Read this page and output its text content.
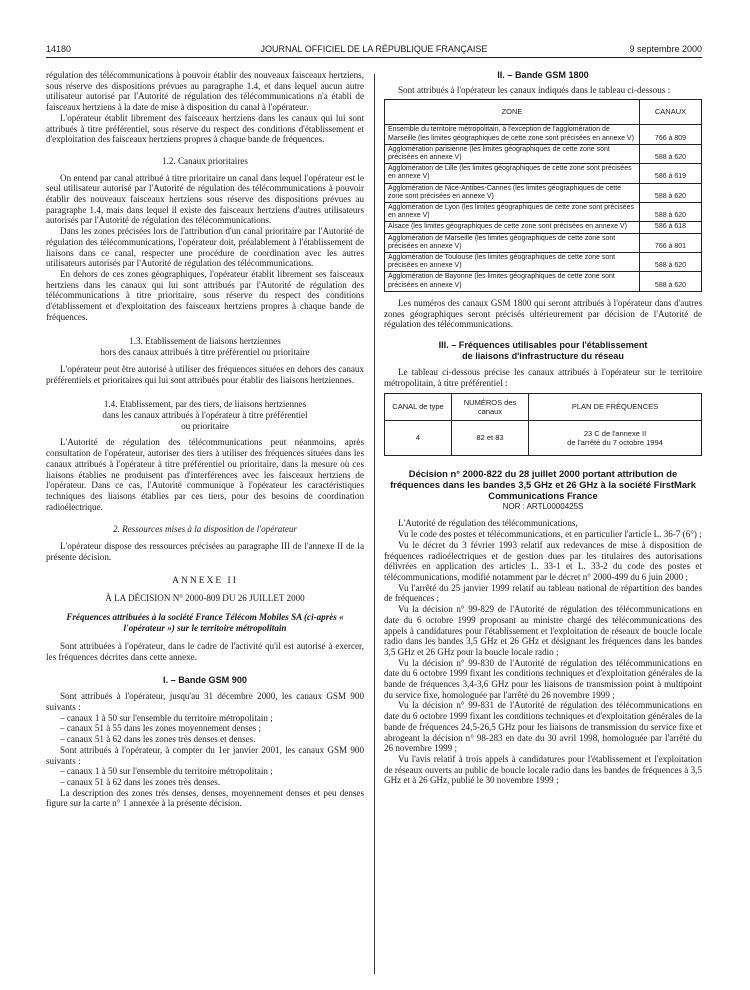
14180	JOURNAL OFFICIEL DE LA RÉPUBLIQUE FRANÇAISE	9 septembre 2000

régulation des télécommunications à pouvoir établir des nouveaux faisceaux hertziens, sous réserve des dispositions prévues au paragraphe 1.4, et dans lequel aucun autre utilisateur autorisé par l'Autorité de régulation des télécommunications n'a établi de faisceaux hertziens à la date de mise à disposition du canal à l'opérateur.

L'opérateur établit librement des faisceaux hertziens dans les canaux qui lui sont attribués à titre préférentiel, sous réserve du respect des conditions d'établissement et d'exploitation des faisceaux hertziens propres à chaque bande de fréquences.

1.2. Canaux prioritaires

On entend par canal attribué à titre prioritaire un canal dans lequel l'opérateur est le seul utilisateur autorisé par l'Autorité de régulation des télécommunications à pouvoir établir des nouveaux faisceaux hertziens sous réserve des dispositions prévues au paragraphe 1.4, mais dans lequel il existe des faisceaux hertziens d'autres utilisateurs autorisés par l'Autorité de régulation des télécommunications.

Dans les zones précisées lors de l'attribution d'un canal prioritaire par l'Autorité de régulation des télécommunications, l'opérateur doit, préalablement à l'établissement de liaisons dans ce canal, respecter une procédure de coordination avec les autres utilisateurs autorisés par l'Autorité de régulation des télécommunications.

En dehors de ces zones géographiques, l'opérateur établit librement ses faisceaux hertziens dans les canaux qui lui sont attribués par l'Autorité de régulation des télécommunications à titre prioritaire, sous réserve du respect des conditions d'établissement et d'exploitation des faisceaux hertziens propres à chaque bande de fréquences.

1.3. Etablissement de liaisons hertziennes
hors des canaux attribués à titre préférentiel ou prioritaire

L'opérateur peut être autorisé à utiliser des fréquences situées en dehors des canaux préférentiels et prioritaires qui lui sont attribués pour établir des liaisons hertziennes.

1.4. Etablissement, par des tiers, de liaisons hertziennes
dans les canaux attribués à l'opérateur à titre préférentiel
ou prioritaire

L'Autorité de régulation des télécommunications peut néanmoins, après consultation de l'opérateur, autoriser des tiers à utiliser des fréquences situées dans les canaux attribués à l'opérateur à titre préférentiel ou prioritaire, dans la mesure où ces liaisons établies ne produisent pas d'interférences avec les faisceaux hertziens de l'opérateur. Dans ce cas, l'Autorité communique à l'opérateur les caractéristiques techniques des liaisons établies par ces tiers, pour des besoins de coordination radioélectrique.

2. Ressources mises à la disposition de l'opérateur

L'opérateur dispose des ressources précisées au paragraphe III de l'annexe II de la présente décision.

ANNEXE II
À LA DÉCISION N° 2000-809 DU 26 JUILLET 2000
Fréquences attribuées à la société France Télécom Mobiles SA (ci-après « l'opérateur ») sur le territoire métropolitain

Sont attribuées à l'opérateur, dans le cadre de l'activité qu'il est autorisé à exercer, les fréquences décrites dans cette annexe.

I. – Bande GSM 900

Sont attribués à l'opérateur, jusqu'au 31 décembre 2000, les canaux GSM 900 suivants :

– canaux 1 à 50 sur l'ensemble du territoire métropolitain ;
– canaux 51 à 55 dans les zones moyennement denses ;
– canaux 51 à 62 dans les zones très denses et denses.

Sont attribués à l'opérateur, à compter du 1er janvier 2001, les canaux GSM 900 suivants :

– canaux 1 à 50 sur l'ensemble du territoire métropolitain ;
– canaux 51 à 62 dans les zones très denses.

La description des zones très denses, denses, moyennement denses et peu denses figure sur la carte n° 1 annexée à la présente décision.

II. – Bande GSM 1800

Sont attribués à l'opérateur les canaux indiqués dans le tableau ci-dessous :

ZONE	CANAUX
Ensemble du territoire métropolitain, à l'exception de l'agglomération de Marseille (les limites géographiques de cette zone sont précisées en annexe V)	766 à 809
Agglomération parisienne (les limites géographiques de cette zone sont précisées en annexe V)	588 à 620
Agglomération de Lille (les limites géographiques de cette zone sont précisées en annexe V)	586 à 619
Agglomération de Nice-Antibes-Cannes (les limites géographiques de cette zone sont précisées en annexe V)	588 à 620
Agglomération de Lyon (les limites géographiques de cette zone sont précisées en annexe V)	588 à 620
Alsace (les limites géographiques de cette zone sont précisées en annexe V)	586 à 618
Agglomération de Marseille (les limites géographiques de cette zone sont précisées en annexe V)	766 à 801
Agglomération de Toulouse (les limites géographiques de cette zone sont précisées en annexe V)	588 à 620
Agglomération de Bayonne (les limites géographiques de cette zone sont précisées en annexe V)	588 à 620

Les numéros des canaux GSM 1800 qui seront attribués à l'opérateur dans d'autres zones géographiques seront précisés ultérieurement par décision de l'Autorité de régulation des télécommunications.

III. – Fréquences utilisables pour l'établissement
de liaisons d'infrastructure du réseau

Le tableau ci-dessous précise les canaux attribués à l'opérateur sur le territoire métropolitain, à titre préférentiel :

CANAL de type	NUMÉROS des canaux	PLAN DE FRÉQUENCES
4	82 et 83	23 C de l'annexe II
de l'arrêté du 7 octobre 1994
Décision n° 2000-822 du 28 juillet 2000 portant attribution de fréquences dans les bandes 3,5 GHz et 26 GHz à la société FirstMark Communications France
NOR : ARTL0000425S

L'Autorité de régulation des télécommunications,

Vu le code des postes et télécommunications, et en particulier l'article L. 36-7 (6°) ;

Vu le décret du 3 février 1993 relatif aux redevances de mise à disposition de fréquences radioélectriques et de gestion dues par les titulaires des autorisations délivrées en application des articles L. 33-1 et L. 33-2 du code des postes et télécommunications, modifié notamment par le décret n° 2000-499 du 6 juin 2000 ;

Vu l'arrêté du 25 janvier 1999 relatif au tableau national de répartition des bandes de fréquences ;

Vu la décision n° 99-829 de l'Autorité de régulation des télécommunications en date du 6 octobre 1999 proposant au ministre chargé des télécommunications des appels à candidatures pour l'établissement et l'exploitation de réseaux de boucle locale radio dans les bandes 3,5 GHz et 26 GHz et désignant les fréquences dans les bandes 3,5 GHz et 26 GHz pour la boucle locale radio ;

Vu la décision n° 99-830 de l'Autorité de régulation des télécommunications en date du 6 octobre 1999 fixant les conditions techniques et d'exploitation générales de la bande de fréquences 3,4-3,6 GHz pour les liaisons de transmission point à multipoint du service fixe, homologuée par l'arrêté du 26 novembre 1999 ;

Vu la décision n° 99-831 de l'Autorité de régulation des télécommunications en date du 6 octobre 1999 fixant les conditions techniques et d'exploitation générales de la bande de fréquences 24,5-26,5 GHz pour les liaisons de transmission du service fixe et abrogeant la décision n° 98-283 en date du 30 avril 1998, homologuée par l'arrêté du 26 novembre 1999 ;

Vu l'avis relatif à trois appels à candidatures pour l'établissement et l'exploitation de réseaux ouverts au public de boucle locale radio dans les bandes de fréquences à 3,5 GHz et à 26 GHz, publié le 30 novembre 1999 ;
